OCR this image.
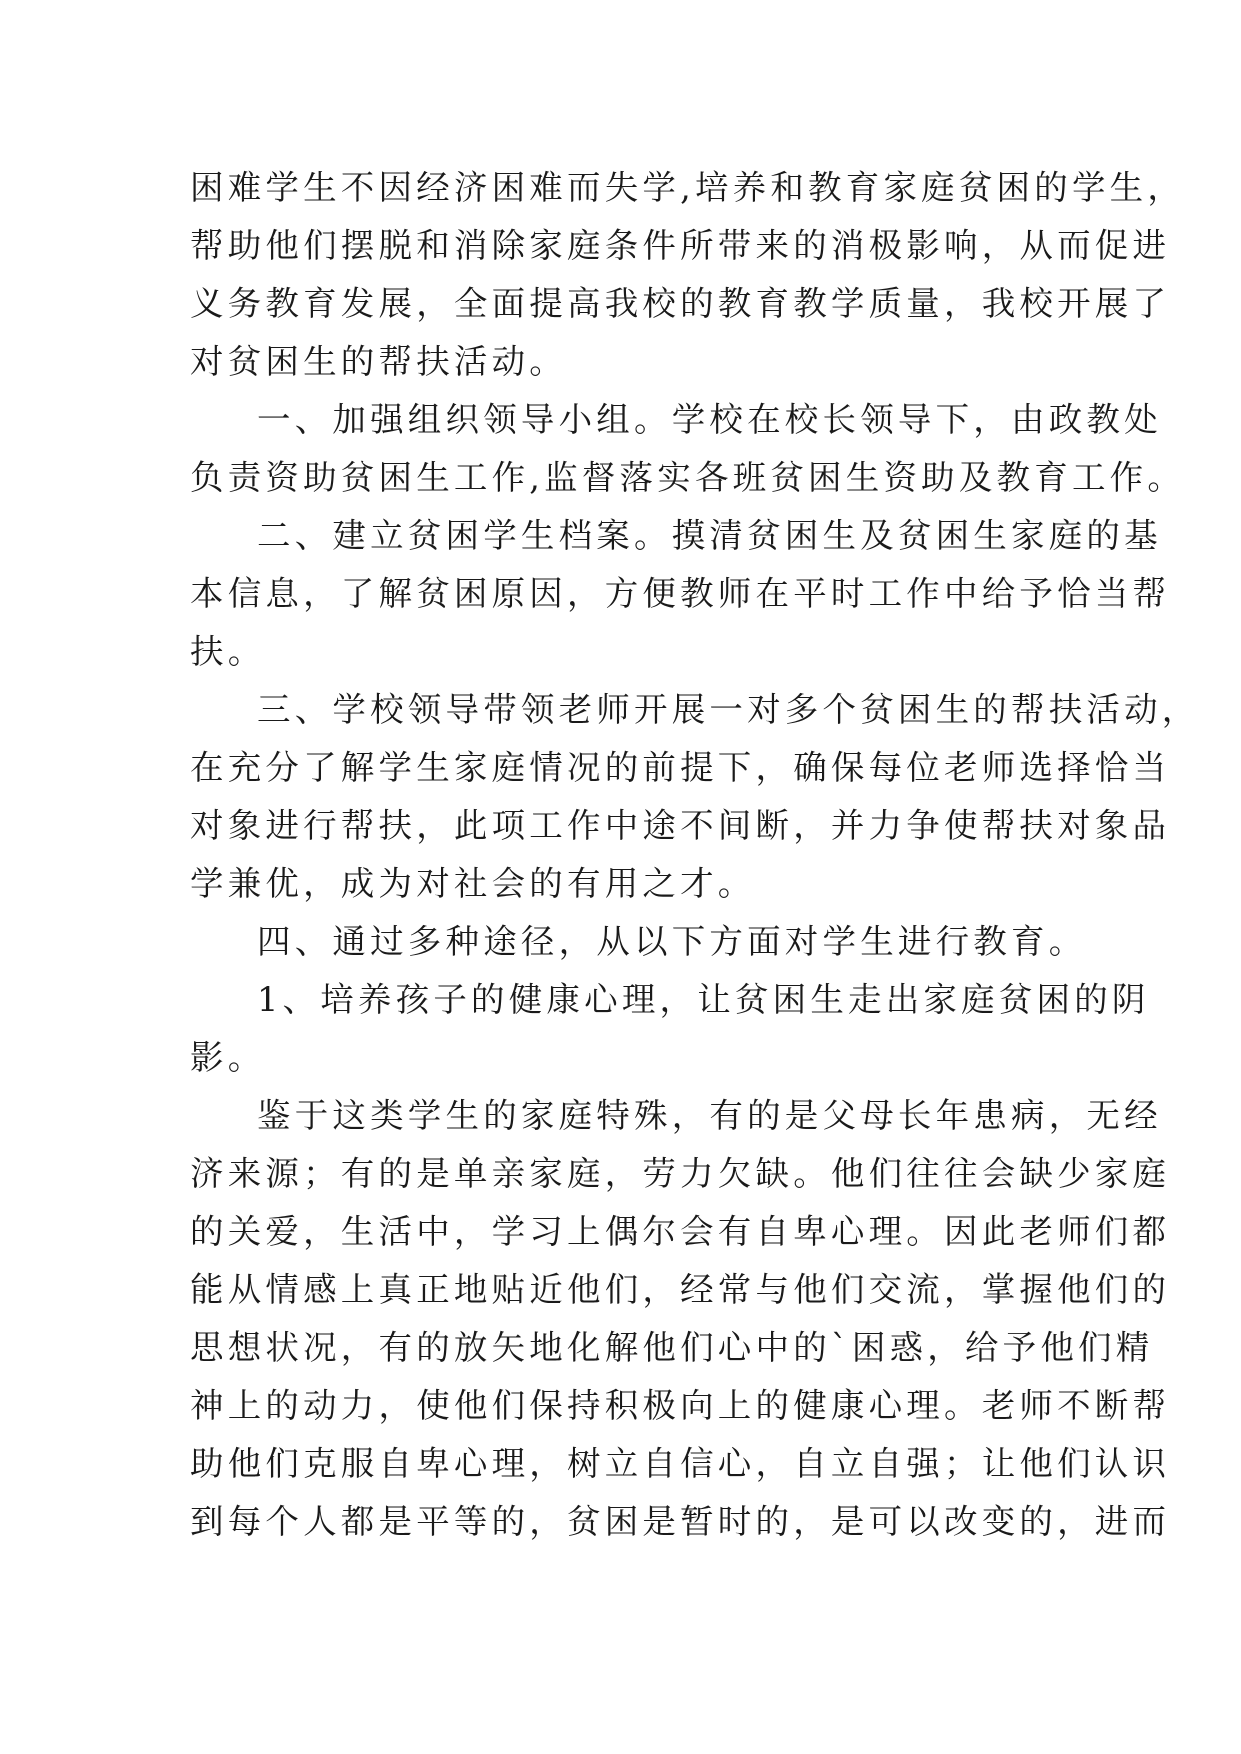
困难学生不因经济困难而失学,培养和教育家庭贫困的学生，
帮助他们摆脱和消除家庭条件所带来的消极影响，从而促进
义务教育发展，全面提高我校的教育教学质量，我校开展了
对贫困生的帮扶活动。
一、加强组织领导小组。学校在校长领导下，由政教处
负责资助贫困生工作,监督落实各班贫困生资助及教育工作。
二、建立贫困学生档案。摸清贫困生及贫困生家庭的基
本信息，了解贫困原因，方便教师在平时工作中给予恰当帮
扶。
三、学校领导带领老师开展一对多个贫困生的帮扶活动，
在充分了解学生家庭情况的前提下，确保每位老师选择恰当
对象进行帮扶，此项工作中途不间断，并力争使帮扶对象品
学兼优，成为对社会的有用之才。
四、通过多种途径，从以下方面对学生进行教育。
1、培养孩子的健康心理，让贫困生走出家庭贫困的阴
影。
鉴于这类学生的家庭特殊，有的是父母长年患病，无经
济来源；有的是单亲家庭，劳力欠缺。他们往往会缺少家庭
的关爱，生活中，学习上偶尔会有自卑心理。因此老师们都
能从情感上真正地贴近他们，经常与他们交流，掌握他们的
思想状况，有的放矢地化解他们心中的`困惑，给予他们精
神上的动力，使他们保持积极向上的健康心理。老师不断帮
助他们克服自卑心理，树立自信心，自立自强；让他们认识
到每个人都是平等的，贫困是暂时的，是可以改变的，进而
